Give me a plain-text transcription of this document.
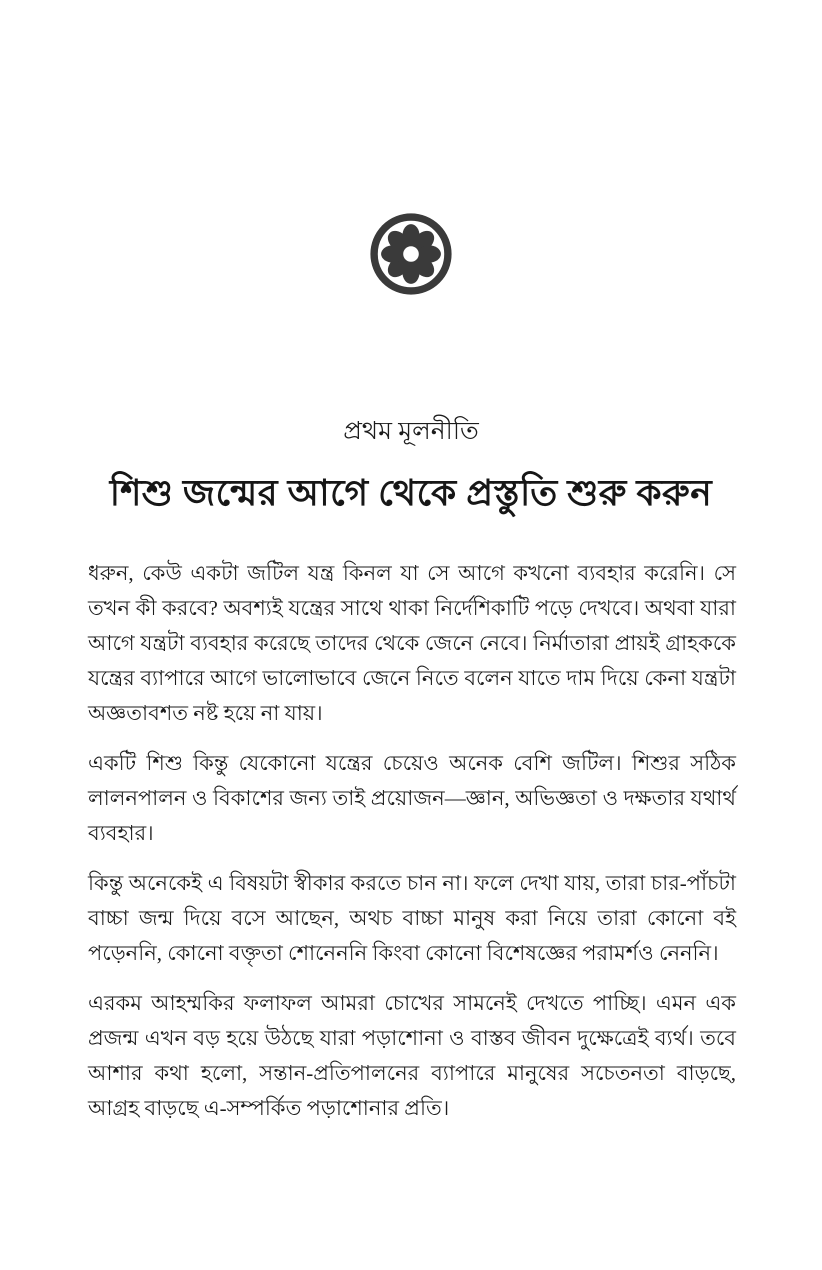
প্রথম মূলনীতি
শিশু জন্মের আগে থেকে প্রস্তুতি শুরু করুন

ধরুন, কেউ একটা জটিল যন্ত্র কিনল যা সে আগে কখনো ব্যবহার করেনি। সে তখন কী করবে? অবশ্যই যন্ত্রের সাথে থাকা নির্দেশিকাটি পড়ে দেখবে। অথবা যারা আগে যন্ত্রটা ব্যবহার করেছে তাদের থেকে জেনে নেবে। নির্মাতারা প্রায়ই গ্রাহককে যন্ত্রের ব্যাপারে আগে ভালোভাবে জেনে নিতে বলেন যাতে দাম দিয়ে কেনা যন্ত্রটা অজ্ঞতাবশত নষ্ট হয়ে না যায়।

একটি শিশু কিন্তু যেকোনো যন্ত্রের চেয়েও অনেক বেশি জটিল। শিশুর সঠিক লালনপালন ও বিকাশের জন্য তাই প্রয়োজন—জ্ঞান, অভিজ্ঞতা ও দক্ষতার যথার্থ ব্যবহার।

কিন্তু অনেকেই এ বিষয়টা স্বীকার করতে চান না। ফলে দেখা যায়, তারা চার-পাঁচটা বাচ্চা জন্ম দিয়ে বসে আছেন, অথচ বাচ্চা মানুষ করা নিয়ে তারা কোনো বই পড়েননি, কোনো বক্তৃতা শোনেননি কিংবা কোনো বিশেষজ্ঞের পরামর্শও নেননি।

এরকম আহম্মকির ফলাফল আমরা চোখের সামনেই দেখতে পাচ্ছি। এমন এক প্রজন্ম এখন বড় হয়ে উঠছে যারা পড়াশোনা ও বাস্তব জীবন দুক্ষেত্রেই ব্যর্থ। তবে আশার কথা হলো, সন্তান-প্রতিপালনের ব্যাপারে মানুষের সচেতনতা বাড়ছে, আগ্রহ বাড়ছে এ-সম্পর্কিত পড়াশোনার প্রতি।
